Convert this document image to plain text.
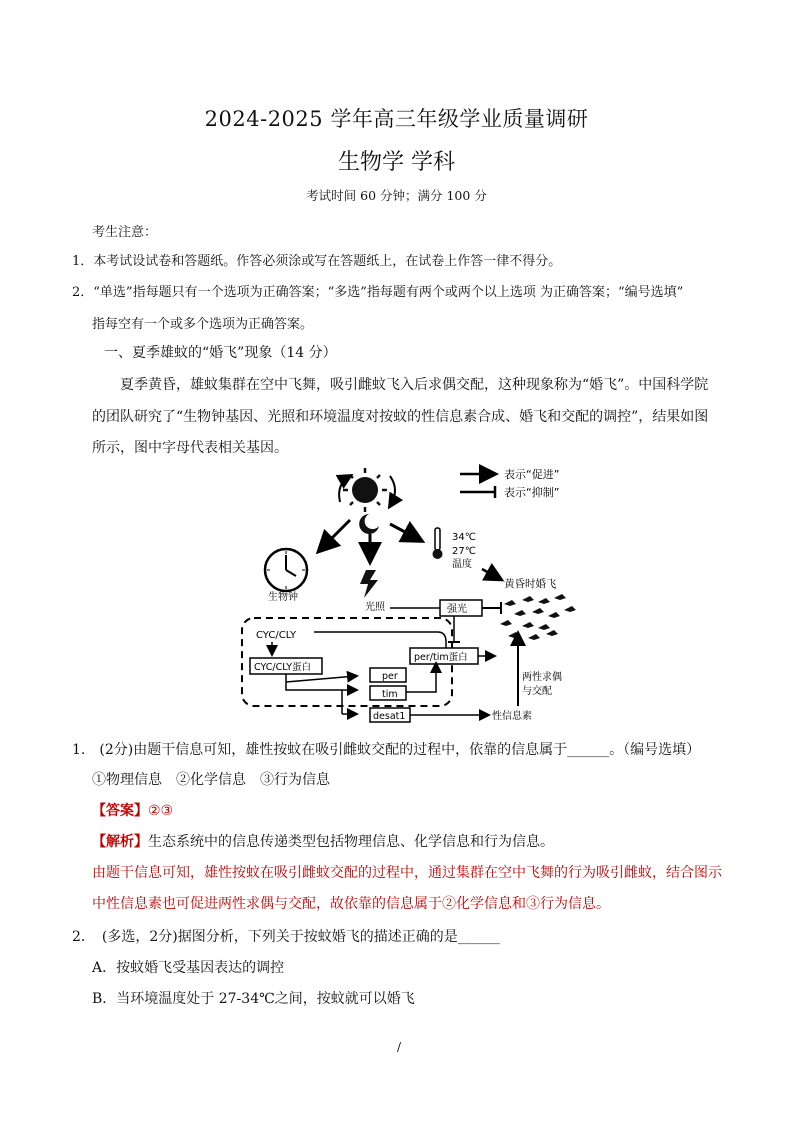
2024-2025 学年高三年级学业质量调研
生物学 学科
考试时间 60 分钟；满分 100 分
考生注意：
1．本考试设试卷和答题纸。作答必须涂或写在答题纸上，在试卷上作答一律不得分。
2．“单选”指每题只有一个选项为正确答案；“多选”指每题有两个或两个以上选项 为正确答案；“编号选填”
指每空有一个或多个选项为正确答案。
一、夏季雄蚊的“婚飞”现象（14 分）
夏季黄昏，雄蚊集群在空中飞舞，吸引雌蚊飞入后求偶交配，这种现象称为“婚飞”。中国科学院
的团队研究了“生物钟基因、光照和环境温度对按蚊的性信息素合成、婚飞和交配的调控”，结果如图
所示，图中字母代表相关基因。
表示“促进”
表示“抑制”
生物钟
光照
34℃
27℃
温度
黄昏时婚飞
强光
CYC/CLY
CYC/CLY蛋白
per/tim蛋白
per
tim
desat1	性信息素
两性求偶
与交配
1.　(2分)由题干信息可知，雄性按蚊在吸引雌蚊交配的过程中，依靠的信息属于______。（编号选填）
①物理信息　②化学信息　③行为信息
【答案】②③
【解析】生态系统中的信息传递类型包括物理信息、化学信息和行为信息。
由题干信息可知，雄性按蚊在吸引雌蚊交配的过程中，通过集群在空中飞舞的行为吸引雌蚊，结合图示
中性信息素也可促进两性求偶与交配，故依靠的信息属于②化学信息和③行为信息。
2．　(多选，2分)据图分析，下列关于按蚊婚飞的描述正确的是______
A．按蚊婚飞受基因表达的调控
B．当环境温度处于 27-34℃之间，按蚊就可以婚飞
/
